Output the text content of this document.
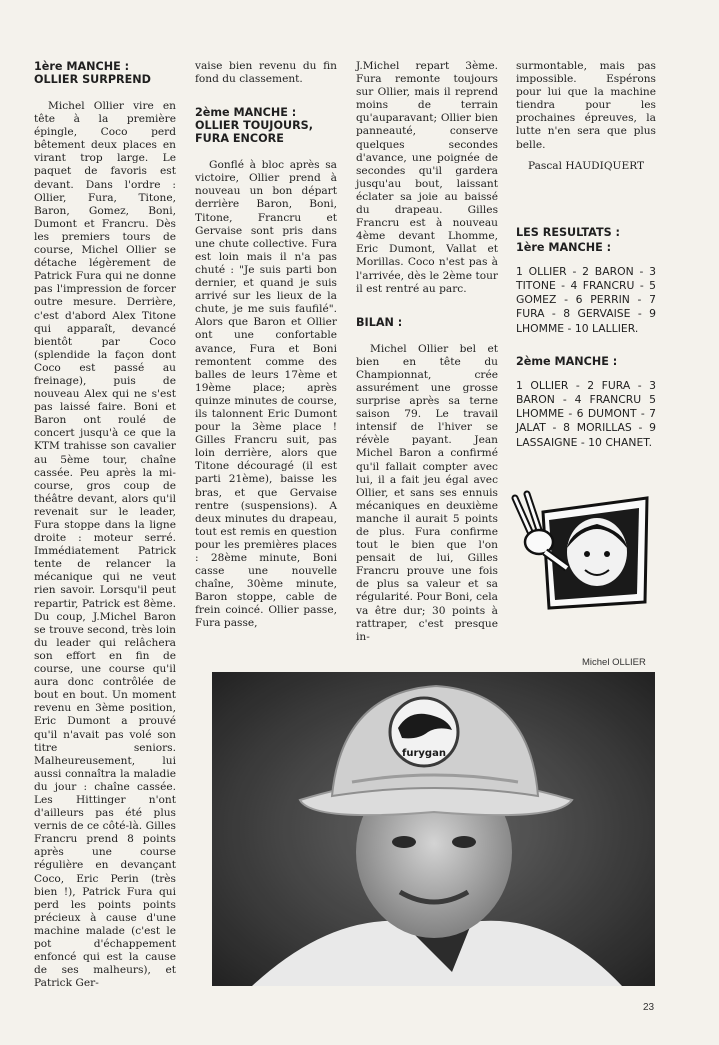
1ère MANCHE : OLLIER SURPREND

Michel Ollier vire en tête à la première épingle, Coco perd bêtement deux places en virant trop large. Le paquet de favoris est devant. Dans l'ordre : Ollier, Fura, Titone, Baron, Gomez, Boni, Dumont et Francru. Dès les premiers tours de course, Michel Ollier se détache légèrement de Patrick Fura qui ne donne pas l'impression de forcer outre mesure. Derrière, c'est d'abord Alex Titone qui apparaît, devancé bientôt par Coco (splendide la façon dont Coco est passé au freinage), puis de nouveau Alex qui ne s'est pas laissé faire. Boni et Baron ont roulé de concert jusqu'à ce que la KTM trahisse son cavalier au 5ème tour, chaîne cassée. Peu après la mi-course, gros coup de théâtre devant, alors qu'il revenait sur le leader, Fura stoppe dans la ligne droite : moteur serré. Immédiatement Patrick tente de relancer la mécanique qui ne veut rien savoir. Lorsqu'il peut repartir, Patrick est 8ème. Du coup, J.Michel Baron se trouve second, très loin du leader qui relâchera son effort en fin de course, une course qu'il aura donc contrôlée de bout en bout. Un moment revenu en 3ème position, Eric Dumont a prouvé qu'il n'avait pas volé son titre seniors. Malheureusement, lui aussi connaîtra la maladie du jour : chaîne cassée. Les Hittinger n'ont d'ailleurs pas été plus vernis de ce côté-là. Gilles Francru prend 8 points après une course régulière en devançant Coco, Eric Perin (très bien !), Patrick Fura qui perd les points points précieux à cause d'une machine malade (c'est le pot d'échappement enfoncé qui est la cause de ses malheurs), et Patrick Ger-

vaise bien revenu du fin fond du classement.

2ème MANCHE : OLLIER TOUJOURS, FURA ENCORE

Gonflé à bloc après sa victoire, Ollier prend à nouveau un bon départ derrière Baron, Boni, Titone, Francru et Gervaise sont pris dans une chute collective. Fura est loin mais il n'a pas chuté : "Je suis parti bon dernier, et quand je suis arrivé sur les lieux de la chute, je me suis faufilé". Alors que Baron et Ollier ont une confortable avance, Fura et Boni remontent comme des balles de leurs 17ème et 19ème place; après quinze minutes de course, ils talonnent Eric Dumont pour la 3ème place ! Gilles Francru suit, pas loin derrière, alors que Titone découragé (il est parti 21ème), baisse les bras, et que Gervaise rentre (suspensions). A deux minutes du drapeau, tout est remis en question pour les premières places : 28ème minute, Boni casse une nouvelle chaîne, 30ème minute, Baron stoppe, cable de frein coincé. Ollier passe, Fura passe,

J.Michel repart 3ème. Fura remonte toujours sur Ollier, mais il reprend moins de terrain qu'auparavant; Ollier bien panneauté, conserve quelques secondes d'avance, une poignée de secondes qu'il gardera jusqu'au bout, laissant éclater sa joie au baissé du drapeau. Gilles Francru est à nouveau 4ème devant Lhomme, Eric Dumont, Vallat et Morillas. Coco n'est pas à l'arrivée, dès le 2ème tour il est rentré au parc.

BILAN :

Michel Ollier bel et bien en tête du Championnat, crée assurément une grosse surprise après sa terne saison 79. Le travail intensif de l'hiver se révèle payant. Jean Michel Baron a confirmé qu'il fallait compter avec lui, il a fait jeu égal avec Ollier, et sans ses ennuis mécaniques en deuxième manche il aurait 5 points de plus. Fura confirme tout le bien que l'on pensait de lui, Gilles Francru prouve une fois de plus sa valeur et sa régularité. Pour Boni, cela va être dur; 30 points à rattraper, c'est presque in-

surmontable, mais pas impossible. Espérons pour lui que la machine tiendra pour les prochaines épreuves, la lutte n'en sera que plus belle.

Pascal HAUDIQUERT

LES RESULTATS :
1ère MANCHE :

1 OLLIER - 2 BARON - 3 TITONE - 4 FRANCRU - 5 GOMEZ - 6 PERRIN - 7 FURA - 8 GERVAISE - 9 LHOMME - 10 LALLIER.

2ème MANCHE :

1 OLLIER - 2 FURA - 3 BARON - 4 FRANCRU 5 LHOMME - 6 DUMONT - 7 JALAT - 8 MORILLAS - 9 LASSAIGNE - 10 CHANET.

Michel OLLIER
furygan
23
